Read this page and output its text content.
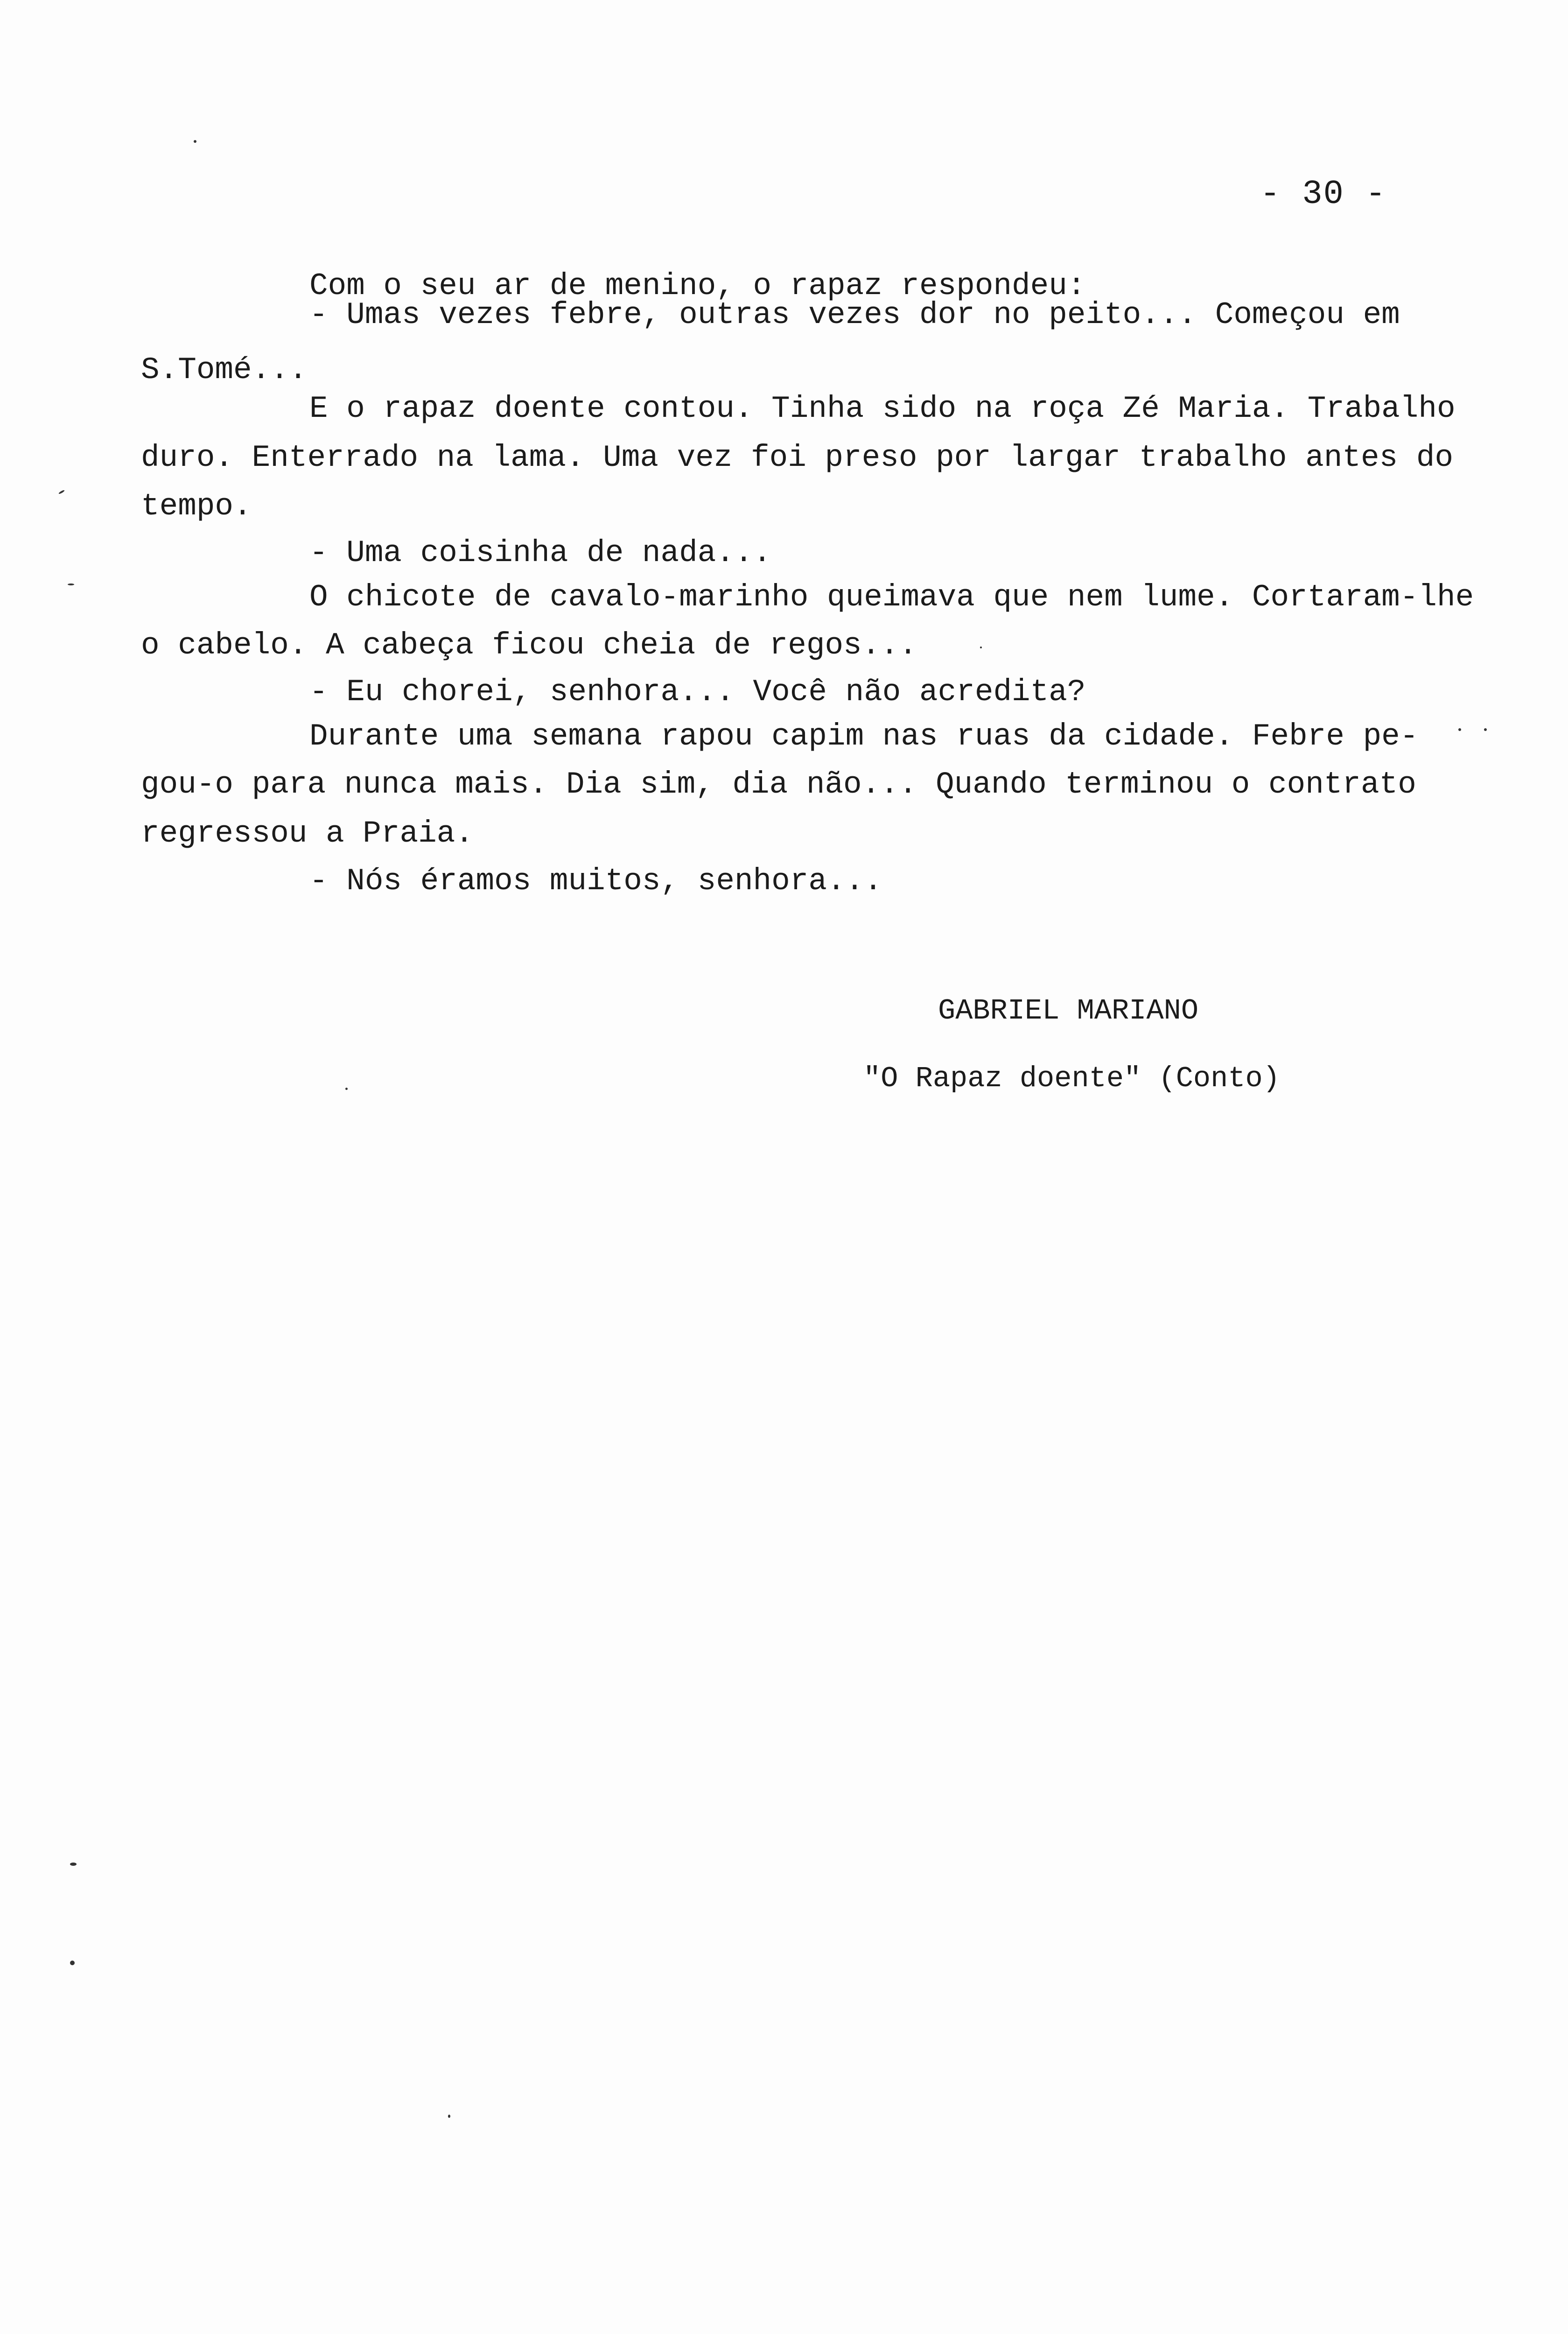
- 30 -
Com o seu ar de menino, o rapaz respondeu:
- Umas vezes febre, outras vezes dor no peito... Começou em
S.Tomé...
E o rapaz doente contou. Tinha sido na roça Zé Maria. Trabalho
duro. Enterrado na lama. Uma vez foi preso por largar trabalho antes do
tempo.
- Uma coisinha de nada...
O chicote de cavalo-marinho queimava que nem lume. Cortaram-lhe
o cabelo. A cabeça ficou cheia de regos...
- Eu chorei, senhora... Você não acredita?
Durante uma semana rapou capim nas ruas da cidade. Febre pe-
gou-o para nunca mais. Dia sim, dia não... Quando terminou o contrato
regressou a Praia.
- Nós éramos muitos, senhora...
GABRIEL MARIANO
"O Rapaz doente" (Conto)
